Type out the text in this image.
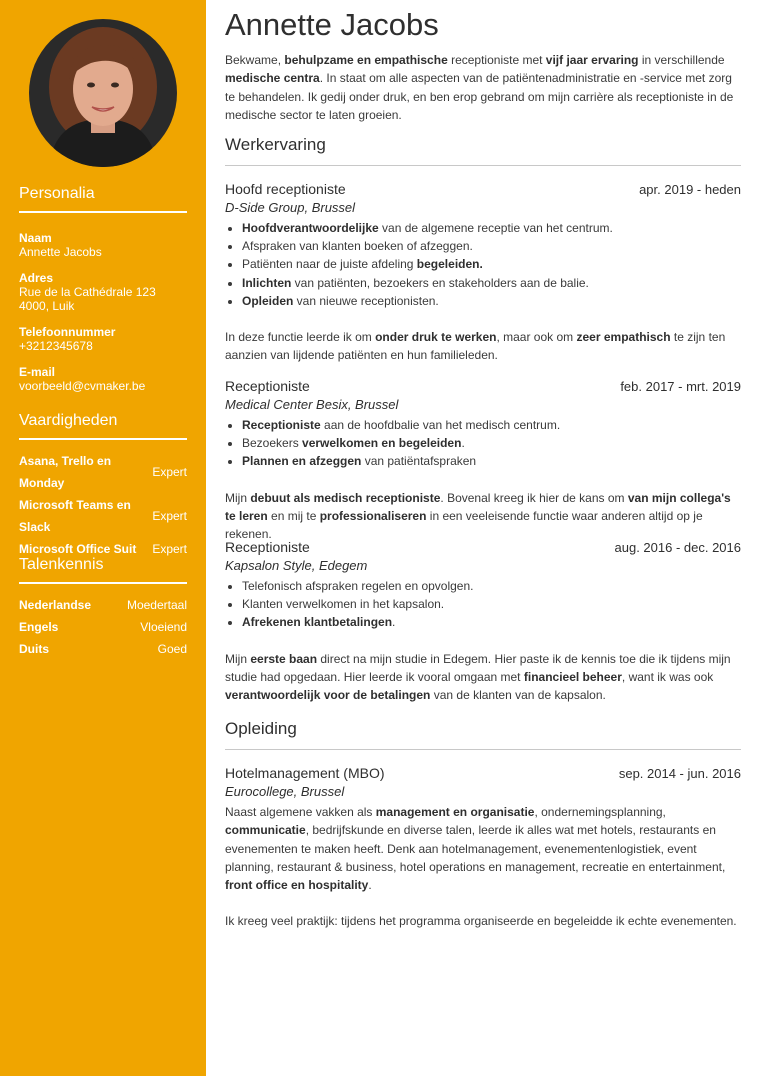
Personalia
Naam
Annette Jacobs
Adres
Rue de la Cathédrale 123
4000, Luik
Telefoonnummer
+3212345678
E-mail
voorbeeld@cvmaker.be
Vaardigheden
Asana, Trello en Monday
Expert
Microsoft Teams en Slack
Expert
Microsoft Office Suit Expert
Talenkennis
Nederlandse	Moedertaal
Engels	Vloeiend
Duits	Goed
Annette Jacobs
Bekwame, behulpzame en empathische receptioniste met vijf jaar ervaring in verschillende medische centra. In staat om alle aspecten van de patiëntenadministratie en -service met zorg te behandelen. Ik gedij onder druk, en ben erop gebrand om mijn carrière als receptioniste in de medische sector te laten groeien.
Werkervaring
Hoofd receptioniste	apr. 2019 - heden
D-Side Group, Brussel
• Hoofdverantwoordelijke van de algemene receptie van het centrum.
• Afspraken van klanten boeken of afzeggen.
• Patiënten naar de juiste afdeling begeleiden.
• Inlichten van patiënten, bezoekers en stakeholders aan de balie.
• Opleiden van nieuwe receptionisten.
In deze functie leerde ik om onder druk te werken, maar ook om zeer empathisch te zijn ten aanzien van lijdende patiënten en hun familieleden.
Receptioniste	feb. 2017 - mrt. 2019
Medical Center Besix, Brussel
• Receptioniste aan de hoofdbalie van het medisch centrum.
• Bezoekers verwelkomen en begeleiden.
• Plannen en afzeggen van patiëntafspraken
Mijn debuut als medisch receptioniste. Bovenal kreeg ik hier de kans om van mijn collega's te leren en mij te professionaliseren in een veeleisende functie waar anderen altijd op je rekenen.
Receptioniste	aug. 2016 - dec. 2016
Kapsalon Style, Edegem
• Telefonisch afspraken regelen en opvolgen.
• Klanten verwelkomen in het kapsalon.
• Afrekenen klantbetalingen.
Mijn eerste baan direct na mijn studie in Edegem. Hier paste ik de kennis toe die ik tijdens mijn studie had opgedaan. Hier leerde ik vooral omgaan met financieel beheer, want ik was ook verantwoordelijk voor de betalingen van de klanten van de kapsalon.
Opleiding
Hotelmanagement (MBO)	sep. 2014 - jun. 2016
Eurocollege, Brussel
Naast algemene vakken als management en organisatie, ondernemingsplanning, communicatie, bedrijfskunde en diverse talen, leerde ik alles wat met hotels, restaurants en evenementen te maken heeft. Denk aan hotelmanagement, evenementenlogistiek, event planning, restaurant & business, hotel operations en management, recreatie en entertainment, front office en hospitality.
Ik kreeg veel praktijk: tijdens het programma organiseerde en begeleidde ik echte evenementen.
